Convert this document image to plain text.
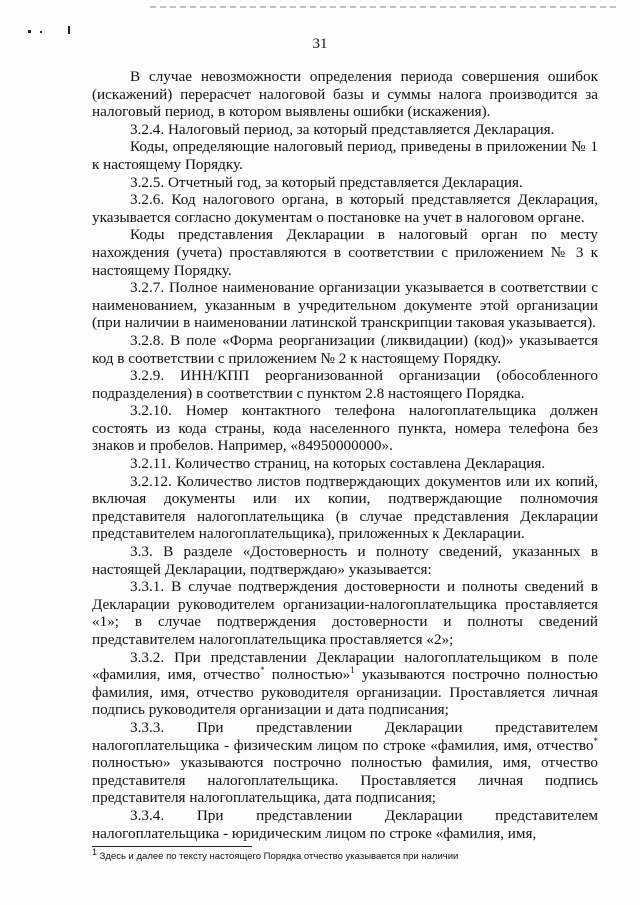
31

В случае невозможности определения периода совершения ошибок (искажений) перерасчет налоговой базы и суммы налога производится за налоговый период, в котором выявлены ошибки (искажения).

3.2.4. Налоговый период, за который представляется Декларация.

Коды, определяющие налоговый период, приведены в приложении № 1 к настоящему Порядку.

3.2.5. Отчетный год, за который представляется Декларация.

3.2.6. Код налогового органа, в который представляется Декларация, указывается согласно документам о постановке на учет в налоговом органе.

Коды представления Декларации в налоговый орган по месту нахождения (учета) проставляются в соответствии с приложением № 3 к настоящему Порядку.

3.2.7. Полное наименование организации указывается в соответствии с наименованием, указанным в учредительном документе этой организации (при наличии в наименовании латинской транскрипции таковая указывается).

3.2.8. В поле «Форма реорганизации (ликвидации) (код)» указывается код в соответствии с приложением № 2 к настоящему Порядку.

3.2.9. ИНН/КПП реорганизованной организации (обособленного подразделения) в соответствии с пунктом 2.8 настоящего Порядка.

3.2.10. Номер контактного телефона налогоплательщика должен состоять из кода страны, кода населенного пункта, номера телефона без знаков и пробелов. Например, «84950000000».

3.2.11. Количество страниц, на которых составлена Декларация.

3.2.12. Количество листов подтверждающих документов или их копий, включая документы или их копии, подтверждающие полномочия представителя налогоплательщика (в случае представления Декларации представителем налогоплательщика), приложенных к Декларации.

3.3. В разделе «Достоверность и полноту сведений, указанных в настоящей Декларации, подтверждаю» указывается:

3.3.1. В случае подтверждения достоверности и полноты сведений в Декларации руководителем организации-налогоплательщика проставляется «1»; в случае подтверждения достоверности и полноты сведений представителем налогоплательщика проставляется «2»;

3.3.2. При представлении Декларации налогоплательщиком в поле «фамилия, имя, отчество* полностью»$^1$ указываются построчно полностью фамилия, имя, отчество руководителя организации. Проставляется личная подпись руководителя организации и дата подписания;

3.3.3. При представлении Декларации представителем налогоплательщика - физическим лицом по строке «фамилия, имя, отчество* полностью» указываются построчно полностью фамилия, имя, отчество представителя налогоплательщика. Проставляется личная подпись представителя налогоплательщика, дата подписания;

3.3.4. При представлении Декларации представителем налогоплательщика - юридическим лицом по строке «фамилия, имя,

1 Здесь и далее по тексту настоящего Порядка отчество указывается при наличии
